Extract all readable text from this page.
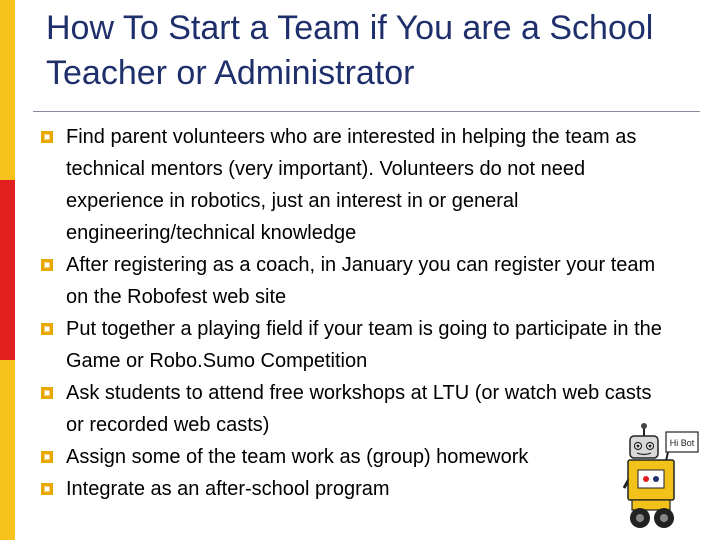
How To Start a Team if You are a School Teacher or Administrator
Find parent volunteers who are interested in helping the team as technical mentors (very important). Volunteers do not need experience in robotics, just an interest in or general engineering/technical knowledge
After registering as a coach, in January you can register your team on the Robofest web site
Put together a playing field if your team is going to participate in the Game or Robo.Sumo Competition
Ask students to attend free workshops at LTU (or watch web casts or recorded web casts)
Assign some of the team work as (group) homework
Integrate as an after-school program
Hi Bot
